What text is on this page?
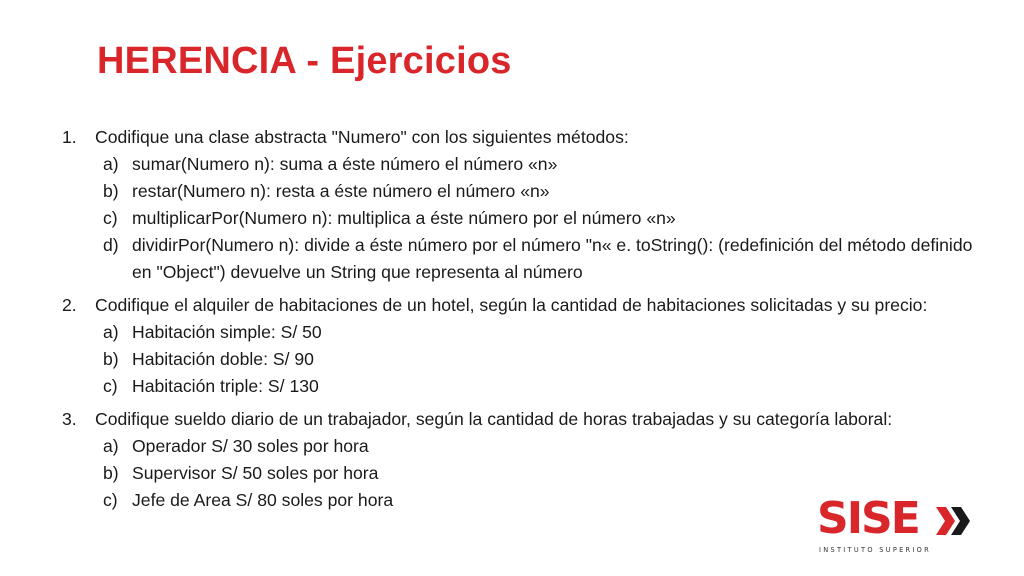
HERENCIA - Ejercicios
1.	Codifique una clase abstracta "Numero" con los siguientes métodos:
a) sumar(Numero n): suma a éste número el número «n»
b) restar(Numero n): resta a éste número el número «n»
c) multiplicarPor(Numero n): multiplica a éste número por el número «n»
d) dividirPor(Numero n): divide a éste número por el número "n« e. toString(): (redefinición del método definido en "Object") devuelve un String que representa al número
2.	Codifique el alquiler de habitaciones de un hotel, según la cantidad de habitaciones solicitadas y su precio:
a) Habitación simple: S/ 50
b) Habitación doble: S/ 90
c) Habitación triple: S/ 130
3.	Codifique sueldo diario de un trabajador, según la cantidad de horas trabajadas y su categoría laboral:
a) Operador S/ 30 soles por hora
b) Supervisor S/ 50 soles por hora
c) Jefe de Area S/ 80 soles por hora	SISE
INSTITUTO SUPERIOR
